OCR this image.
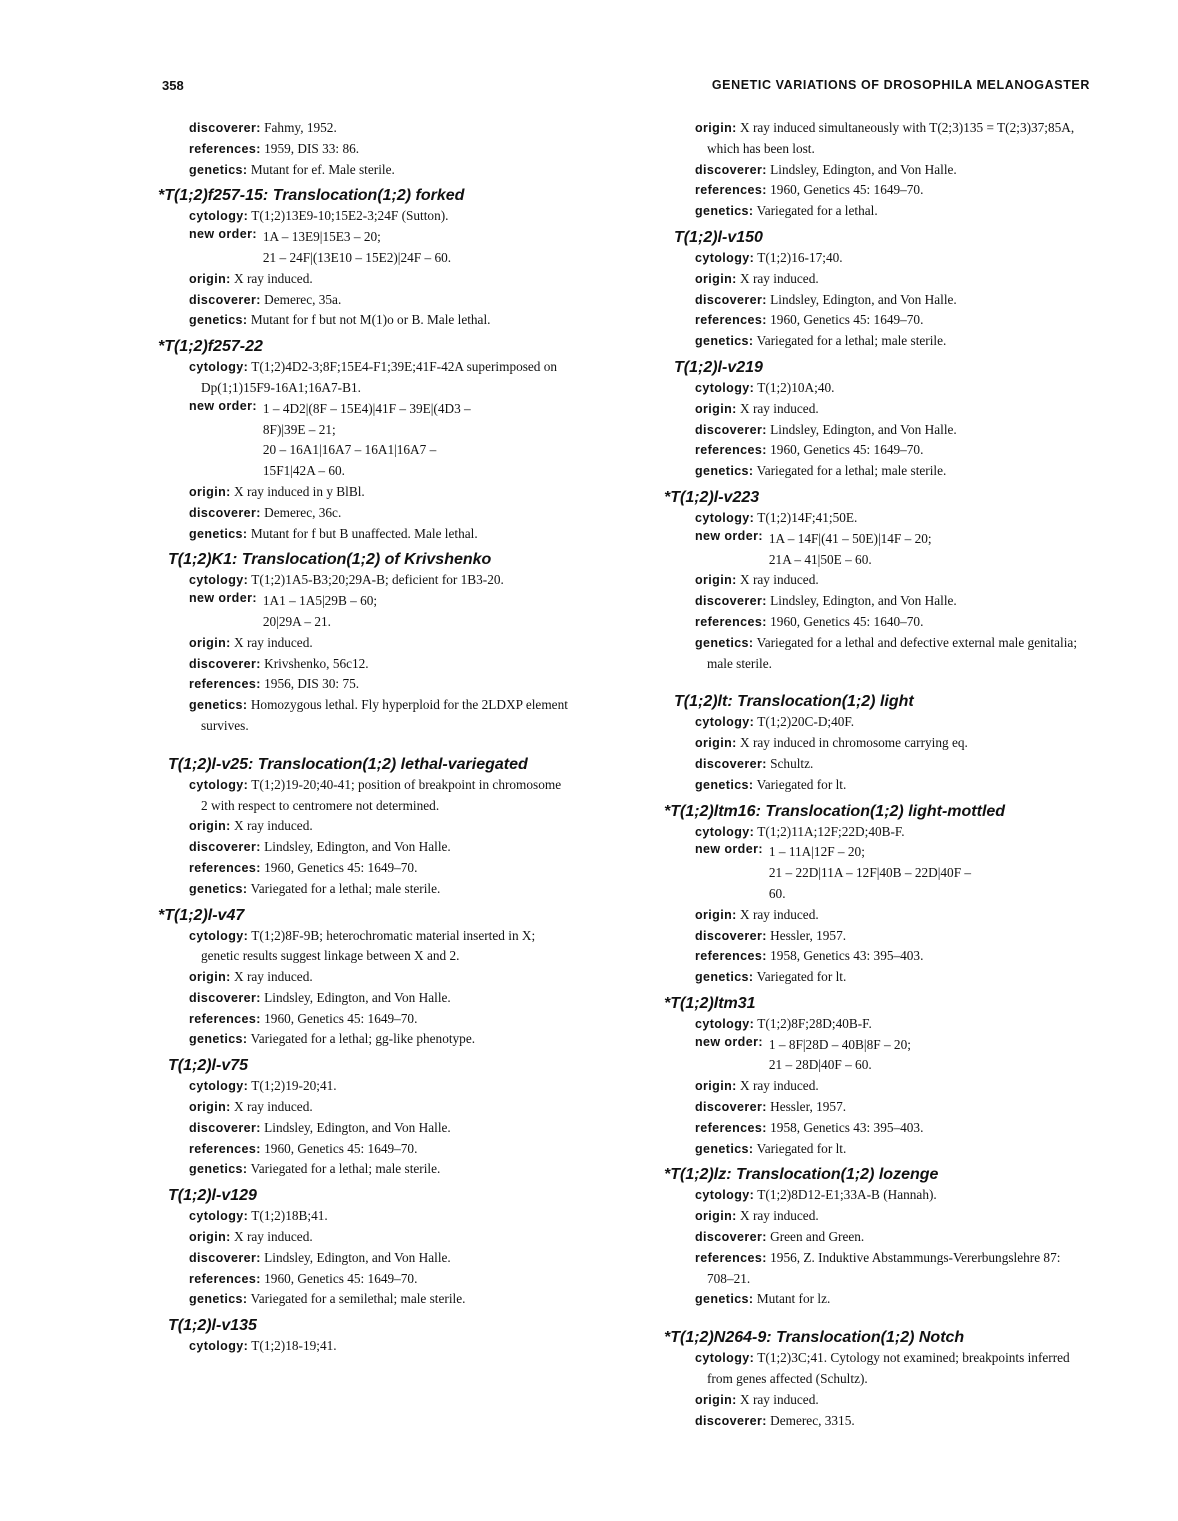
358	GENETIC VARIATIONS OF DROSOPHILA MELANOGASTER
discoverer: Fahmy, 1952.
references: 1959, DIS 33: 86.
genetics: Mutant for ef. Male sterile.
*T(1;2)f257-15: Translocation(1;2) forked
cytology: T(1;2)13E9-10;15E2-3;24F (Sutton).
new order: 1A – 13E9|15E3 – 20;
21 – 24F|(13E10 – 15E2)|24F – 60.
origin: X ray induced.
discoverer: Demerec, 35a.
genetics: Mutant for f but not M(1)o or B. Male lethal.
*T(1;2)f257-22
cytology: T(1;2)4D2-3;8F;15E4-F1;39E;41F-42A superimposed on Dp(1;1)15F9-16A1;16A7-B1.
new order: 1 – 4D2|(8F – 15E4)|41F – 39E|(4D3 –
8F)|39E – 21;
20 – 16A1|16A7 – 16A1|16A7 –
15F1|42A – 60.
origin: X ray induced in y BlBl.
discoverer: Demerec, 36c.
genetics: Mutant for f but B unaffected. Male lethal.
T(1;2)K1: Translocation(1;2) of Krivshenko
cytology: T(1;2)1A5-B3;20;29A-B; deficient for 1B3-20.
new order: 1A1 – 1A5|29B – 60;
20|29A – 21.
origin: X ray induced.
discoverer: Krivshenko, 56c12.
references: 1956, DIS 30: 75.
genetics: Homozygous lethal. Fly hyperploid for the 2LDXP element survives.
T(1;2)l-v25: Translocation(1;2) lethal-variegated
cytology: T(1;2)19-20;40-41; position of breakpoint in chromosome 2 with respect to centromere not determined.
origin: X ray induced.
discoverer: Lindsley, Edington, and Von Halle.
references: 1960, Genetics 45: 1649–70.
genetics: Variegated for a lethal; male sterile.
*T(1;2)l-v47
cytology: T(1;2)8F-9B; heterochromatic material inserted in X; genetic results suggest linkage between X and 2.
origin: X ray induced.
discoverer: Lindsley, Edington, and Von Halle.
references: 1960, Genetics 45: 1649–70.
genetics: Variegated for a lethal; gg-like phenotype.
T(1;2)l-v75
cytology: T(1;2)19-20;41.
origin: X ray induced.
discoverer: Lindsley, Edington, and Von Halle.
references: 1960, Genetics 45: 1649–70.
genetics: Variegated for a lethal; male sterile.
T(1;2)l-v129
cytology: T(1;2)18B;41.
origin: X ray induced.
discoverer: Lindsley, Edington, and Von Halle.
references: 1960, Genetics 45: 1649–70.
genetics: Variegated for a semilethal; male sterile.
T(1;2)l-v135
cytology: T(1;2)18-19;41.
origin: X ray induced simultaneously with T(2;3)135 = T(2;3)37;85A, which has been lost.
discoverer: Lindsley, Edington, and Von Halle.
references: 1960, Genetics 45: 1649–70.
genetics: Variegated for a lethal.
T(1;2)l-v150
cytology: T(1;2)16-17;40.
origin: X ray induced.
discoverer: Lindsley, Edington, and Von Halle.
references: 1960, Genetics 45: 1649–70.
genetics: Variegated for a lethal; male sterile.
T(1;2)l-v219
cytology: T(1;2)10A;40.
origin: X ray induced.
discoverer: Lindsley, Edington, and Von Halle.
references: 1960, Genetics 45: 1649–70.
genetics: Variegated for a lethal; male sterile.
*T(1;2)l-v223
cytology: T(1;2)14F;41;50E.
new order: 1A – 14F|(41 – 50E)|14F – 20;
21A – 41|50E – 60.
origin: X ray induced.
discoverer: Lindsley, Edington, and Von Halle.
references: 1960, Genetics 45: 1640–70.
genetics: Variegated for a lethal and defective external male genitalia; male sterile.
T(1;2)lt: Translocation(1;2) light
cytology: T(1;2)20C-D;40F.
origin: X ray induced in chromosome carrying eq.
discoverer: Schultz.
genetics: Variegated for lt.
*T(1;2)ltm16: Translocation(1;2) light-mottled
cytology: T(1;2)11A;12F;22D;40B-F.
new order: 1 – 11A|12F – 20;
21 – 22D|11A – 12F|40B – 22D|40F –
60.
origin: X ray induced.
discoverer: Hessler, 1957.
references: 1958, Genetics 43: 395–403.
genetics: Variegated for lt.
*T(1;2)ltm31
cytology: T(1;2)8F;28D;40B-F.
new order: 1 – 8F|28D – 40B|8F – 20;
21 – 28D|40F – 60.
origin: X ray induced.
discoverer: Hessler, 1957.
references: 1958, Genetics 43: 395–403.
genetics: Variegated for lt.
*T(1;2)lz: Translocation(1;2) lozenge
cytology: T(1;2)8D12-E1;33A-B (Hannah).
origin: X ray induced.
discoverer: Green and Green.
references: 1956, Z. Induktive Abstammungs-Vererbungslehre 87: 708–21.
genetics: Mutant for lz.
*T(1;2)N264-9: Translocation(1;2) Notch
cytology: T(1;2)3C;41. Cytology not examined; breakpoints inferred from genes affected (Schultz).
origin: X ray induced.
discoverer: Demerec, 3315.
